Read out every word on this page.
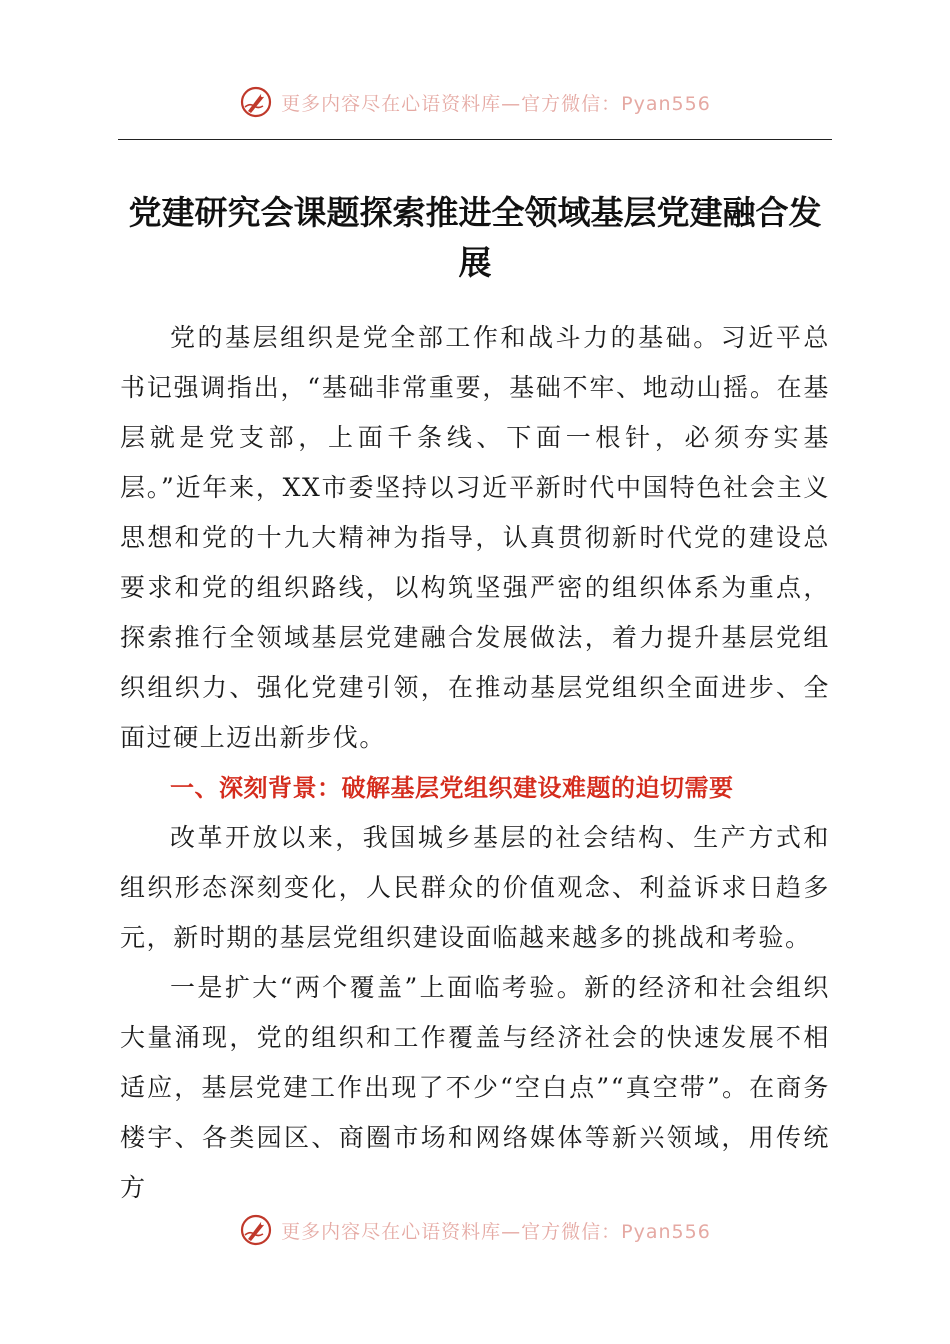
更多内容尽在心语资料库—官方微信：Pyan556
党建研究会课题探索推进全领域基层党建融合发展

党的基层组织是党全部工作和战斗力的基础。习近平总书记强调指出，“基础非常重要，基础不牢、地动山摇。在基层就是党支部，上面千条线、下面一根针，必须夯实基层。”近年来，XX市委坚持以习近平新时代中国特色社会主义思想和党的十九大精神为指导，认真贯彻新时代党的建设总要求和党的组织路线，以构筑坚强严密的组织体系为重点，探索推行全领域基层党建融合发展做法，着力提升基层党组织组织力、强化党建引领，在推动基层党组织全面进步、全面过硬上迈出新步伐。

一、深刻背景：破解基层党组织建设难题的迫切需要

改革开放以来，我国城乡基层的社会结构、生产方式和组织形态深刻变化，人民群众的价值观念、利益诉求日趋多元，新时期的基层党组织建设面临越来越多的挑战和考验。

一是扩大“两个覆盖”上面临考验。新的经济和社会组织大量涌现，党的组织和工作覆盖与经济社会的快速发展不相适应，基层党建工作出现了不少“空白点”“真空带”。在商务楼宇、各类园区、商圈市场和网络媒体等新兴领域，用传统方

更多内容尽在心语资料库—官方微信：Pyan556
